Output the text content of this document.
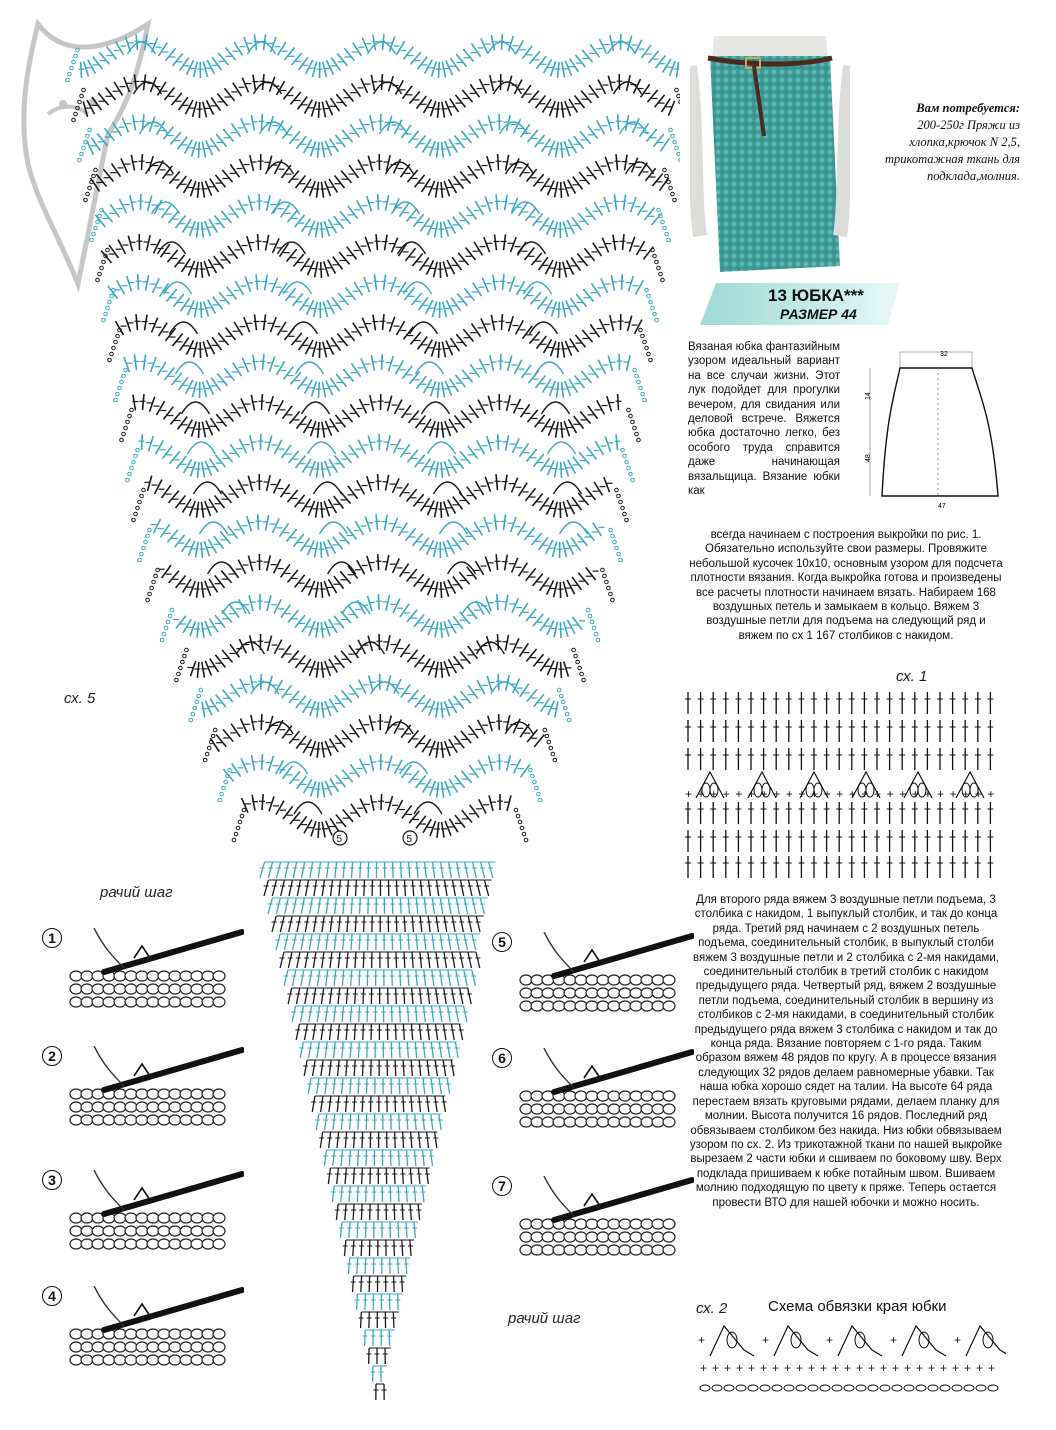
5	5
сх. 5
рачий шаг
рачий шаг
Вам потребуется:
200-250г Пряжи из хлопка,крючок N 2,5, трикотажная ткань для подклада,молния.
13 ЮБКА***
РАЗМЕР 44
Вязаная юбка фантазийным узором идеальный вариант на все случаи жизни. Этот лук подойдет для прогулки вечером, для свидания или деловой встрече. Вяжется юбка достаточно легко, без особого труда справится даже начинающая вязальщица. Вязание юбки как
всегда начинаем с построения выкройки по рис. 1. Обязательно используйте свои размеры. Провяжите небольшой кусочек 10х10, основным узором для подсчета плотности вязания. Когда выкройка готова и произведены все расчеты плотности начинаем вязать. Набираем 168 воздушных петель и замыкаем в кольцо. Вяжем 3 воздушные петли для подъема на следующий ряд и вяжем по сх 1 167 столбиков с накидом.
32
14
48
47
сх. 1
+ + + + + + + + + + + + + + + + + + + + + + + + +
Для второго ряда вяжем 3 воздушные петли подъема, 3 столбика с накидом, 1 выпуклый столбик, и так до конца ряда. Третий ряд начинаем с 2 воздушных петель подъема, соединительный столбик, в выпуклый столби вяжем 3 воздушные петли и 2 столбика с 2-мя накидами, соединительный столбик в третий столбик с накидом предыдущего ряда. Четвертый ряд, вяжем 2 воздушные петли подъема, соединительный столбик в вершину из столбиков с 2-мя накидами, в соединительный столбик предыдущего ряда вяжем 3 столбика с накидом и так до конца ряда. Вязание повторяем с 1-го ряда. Таким образом вяжем 48 рядов по кругу. А в процессе вязания следующих 32 рядов делаем равномерные убавки. Так наша юбка хорошо сядет на талии. На высоте 64 ряда перестаем вязать круговыми рядами, делаем планку для молнии. Высота получится 16 рядов. Последний ряд обвязываем столбиком без накида. Низ юбки обвязываем узором по сх. 2. Из трикотажной ткани по нашей выкройке вырезаем 2 части юбки и сшиваем по боковому шву. Верх подклада пришиваем к юбке потайным швом. Вшиваем молнию подходящую по цвету к пряже. Теперь остается провести ВТО для нашей юбочки и можно носить.
сх. 2	Схема обвязки края юбки
+ + + + + + + + + + + + + + + + + + + + + + + + +
+	+	+	+	+
1
2
3
4
5
6
7
